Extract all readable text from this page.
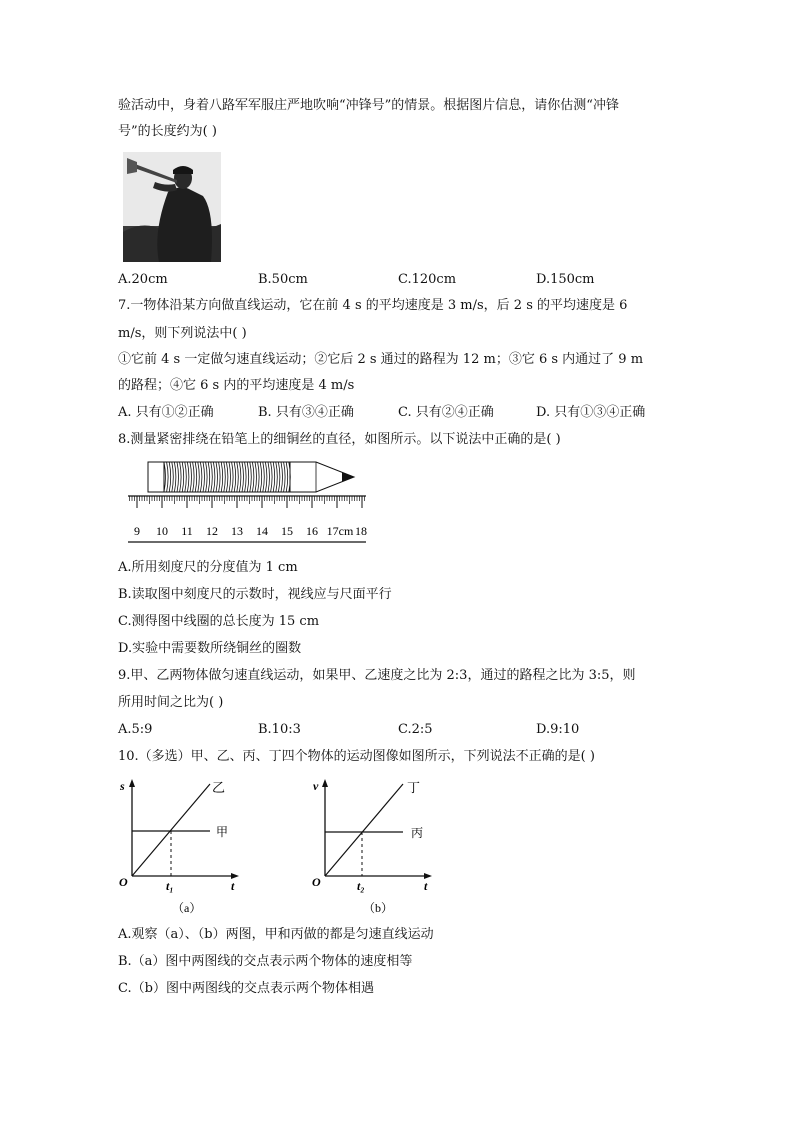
验活动中，身着八路军军服庄严地吹响“冲锋号”的情景。根据图片信息，请你估测“冲锋
号”的长度约为( )
A.20cm	B.50cm	C.120cm	D.150cm
7.一物体沿某方向做直线运动，它在前 4 s 的平均速度是 3 m/s，后 2 s 的平均速度是 6
m/s，则下列说法中( )
①它前 4 s 一定做匀速直线运动；②它后 2 s 通过的路程为 12 m；③它 6 s 内通过了 9 m
的路程；④它 6 s 内的平均速度是 4 m/s
A. 只有①②正确	B. 只有③④正确	C. 只有②④正确	D. 只有①③④正确
8.测量紧密排绕在铅笔上的细铜丝的直径，如图所示。以下说法中正确的是( )
9 10 11 12 13 14 15 16 17cm 18
A.所用刻度尺的分度值为 1 cm
B.读取图中刻度尺的示数时，视线应与尺面平行
C.测得图中线圈的总长度为 15 cm
D.实验中需要数所绕铜丝的圈数
9.甲、乙两物体做匀速直线运动，如果甲、乙速度之比为 2:3，通过的路程之比为 3:5，则
所用时间之比为( )
A.5:9	B.10:3	C.2:5	D.9:10
10.（多选）甲、乙、丙、丁四个物体的运动图像如图所示，下列说法不正确的是( )
s
O	t₁	t
乙
甲
（a）
v
O	t₂	t
丁
丙
（b）
A.观察（a）、（b）两图，甲和丙做的都是匀速直线运动
B.（a）图中两图线的交点表示两个物体的速度相等
C.（b）图中两图线的交点表示两个物体相遇
